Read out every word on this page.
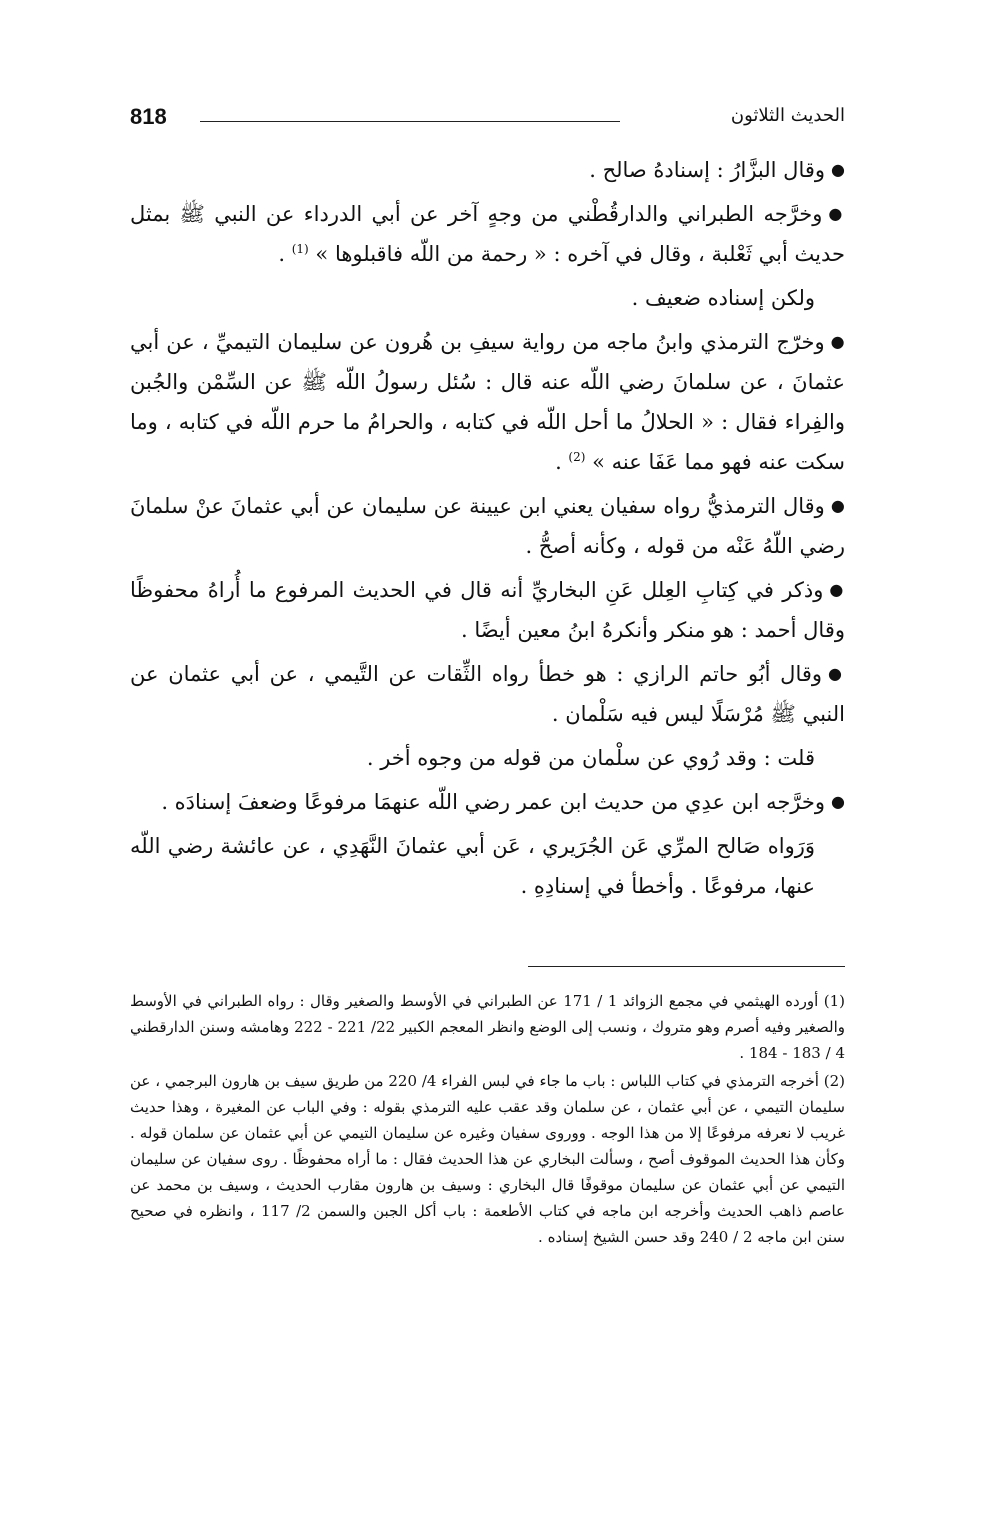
818	الحديث الثلاثون

●وقال البزَّارُ : إسنادهُ صالح .

●وخرَّجه الطبراني والدارقُطْني من وجهٍ آخر عن أبي الدرداء عن النبي ﷺ بمثل حديث أبي ثَعْلبة ، وقال في آخره : « رحمة من اللّه فاقبلوها » $^{(1)}$ .

ولكن إسناده ضعيف .

●وخرّج الترمذي وابنُ ماجه من رواية سيفِ بن هُرون عن سليمان التيميِّ ، عن أبي عثمانَ ، عن سلمانَ رضي اللّه عنه قال : سُئل رسولُ اللّه ﷺ عن السِّمْن والجُبن والفِراء فقال : « الحلالُ ما أحل اللّه في كتابه ، والحرامُ ما حرم اللّه في كتابه ، وما سكت عنه فهو مما عَفَا عنه » $^{(2)}$ .

●وقال الترمذيُّ رواه سفيان يعني ابن عيينة عن سليمان عن أبي عثمانَ عنْ سلمانَ رضي اللّهُ عَنْه من قوله ، وكأنه أصحُّ .

●وذكر في كِتابِ العِلل عَنِ البخاريِّ أنه قال في الحديث المرفوع ما أُراهُ محفوظًا وقال أحمد : هو منكر وأنكرهُ ابنُ معين أيضًا .

●وقال أبُو حاتم الرازي : هو خطأ رواه الثِّقات عن التَّيمي ، عن أبي عثمان عن النبي ﷺ مُرْسَلًا ليس فيه سَلْمان .

قلت : وقد رُوي عن سلْمان من قوله من وجوه أخر .

●وخرَّجه ابن عدِي من حديث ابن عمر رضي اللّه عنهمَا مرفوعًا وضعفَ إسنادَه .

وَرَواه صَالح المرِّي عَن الجُرَيري ، عَن أبي عثمانَ النَّهَدِي ، عن عائشة رضي اللّه عنها، مرفوعًا . وأخطأ في إسنادِهِ .

(1) أورده الهيثمي في مجمع الزوائد 1 / 171 عن الطبراني في الأوسط والصغير وقال : رواه الطبراني في الأوسط والصغير وفيه أصرم وهو متروك ، ونسب إلى الوضع وانظر المعجم الكبير 22/ 221 - 222 وهامشه وسنن الدارقطني 4 / 183 - 184 .

(2) أخرجه الترمذي في كتاب اللباس : باب ما جاء في لبس الفراء 4/ 220 من طريق سيف بن هارون البرجمي ، عن سليمان التيمي ، عن أبي عثمان ، عن سلمان وقد عقب عليه الترمذي بقوله : وفي الباب عن المغيرة ، وهذا حديث غريب لا نعرفه مرفوعًا إلا من هذا الوجه . ووروى سفيان وغيره عن سليمان التيمي عن أبي عثمان عن سلمان قوله . وكأن هذا الحديث الموقوف أصح ، وسألت البخاري عن هذا الحديث فقال : ما أراه محفوظًا . روى سفيان عن سليمان التيمي عن أبي عثمان عن سليمان موقوفًا قال البخاري : وسيف بن هارون مقارب الحديث ، وسيف بن محمد عن عاصم ذاهب الحديث وأخرجه ابن ماجه في كتاب الأطعمة : باب أكل الجبن والسمن 2/ 117 ، وانظره في صحيح سنن ابن ماجه 2 / 240 وقد حسن الشيخ إسناده .
